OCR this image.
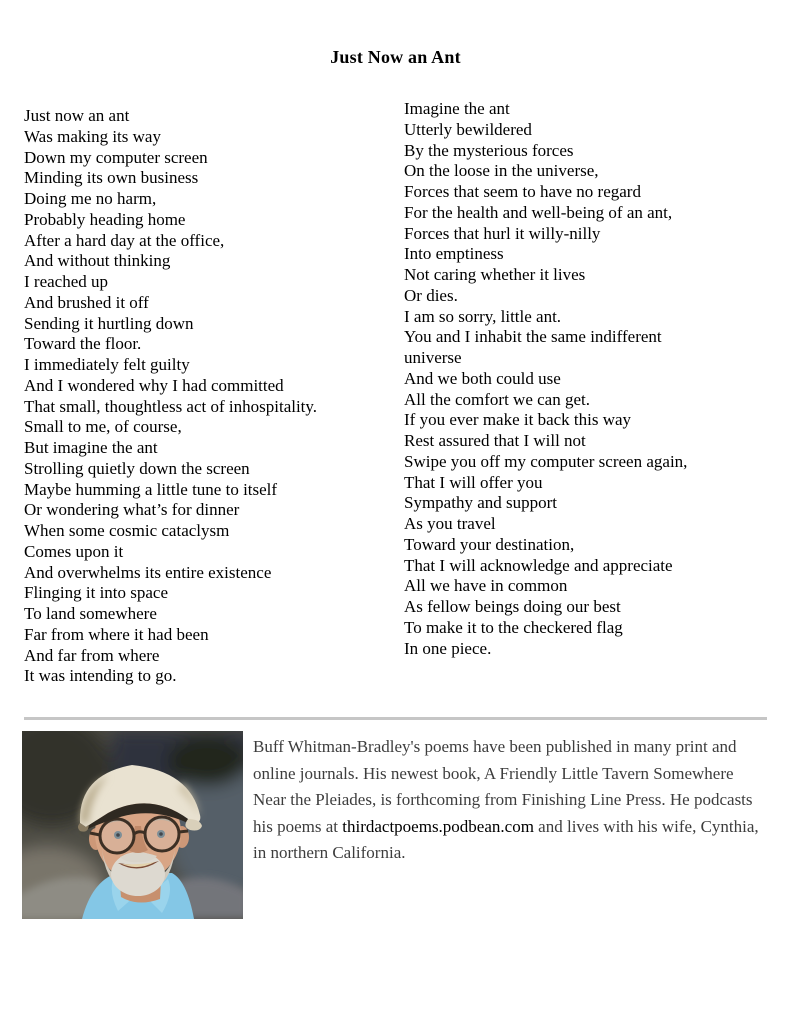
Just Now an Ant
Just now an ant
Was making its way
Down my computer screen
Minding its own business
Doing me no harm,
Probably heading home
After a hard day at the office,
And without thinking
I reached up
And brushed it off
Sending it hurtling down
Toward the floor.
I immediately felt guilty
And I wondered why I had committed
That small, thoughtless act of inhospitality.
Small to me, of course,
But imagine the ant
Strolling quietly down the screen
Maybe humming a little tune to itself
Or wondering what’s for dinner
When some cosmic cataclysm
Comes upon it
And overwhelms its entire existence
Flinging it into space
To land somewhere
Far from where it had been
And far from where
It was intending to go.
Imagine the ant
Utterly bewildered
By the mysterious forces
On the loose in the universe,
Forces that seem to have no regard
For the health and well-being of an ant,
Forces that hurl it willy-nilly
Into emptiness
Not caring whether it lives
Or dies.
I am so sorry, little ant.
You and I inhabit the same indifferent
universe
And we both could use
All the comfort we can get.
If you ever make it back this way
Rest assured that I will not
Swipe you off my computer screen again,
That I will offer you
Sympathy and support
As you travel
Toward your destination,
That I will acknowledge and appreciate
All we have in common
As fellow beings doing our best
To make it to the checkered flag
In one piece.

Buff Whitman-Bradley's poems have been published in many print and online journals. His newest book, A Friendly Little Tavern Somewhere Near the Pleiades, is forthcoming from Finishing Line Press. He podcasts his poems at thirdactpoems.podbean.com and lives with his wife, Cynthia, in northern California.
